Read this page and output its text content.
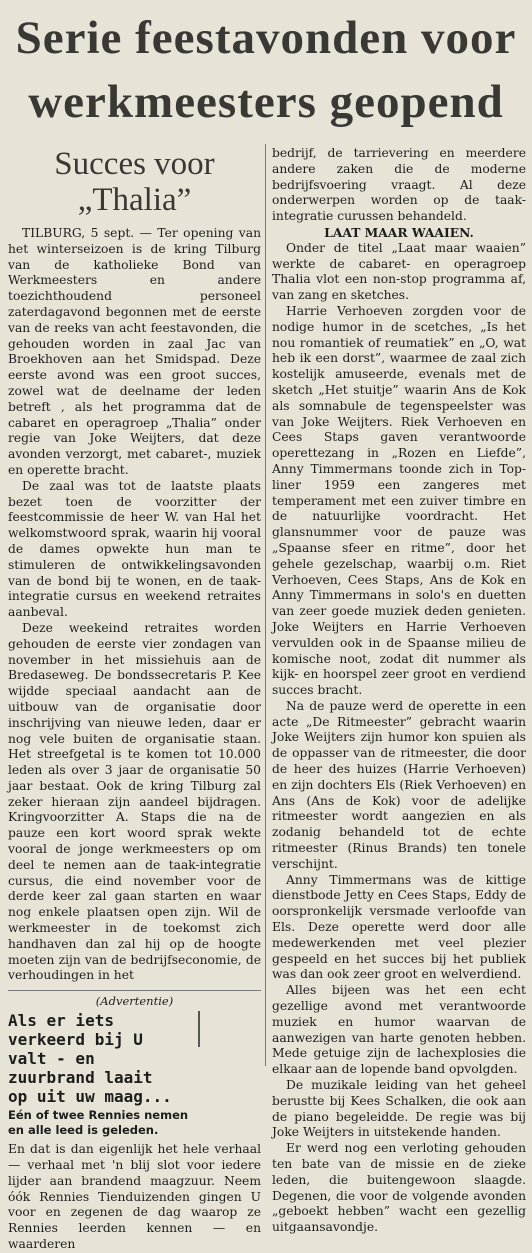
Serie feestavonden voor
werkmeesters geopend
Succes voor
„Thalia”

TILBURG, 5 sept. — Ter opening van het winterseizoen is de kring Tilburg van de katholieke Bond van Werkmeesters en andere toezichthoudend personeel zaterdagavond begonnen met de eerste van de reeks van acht feestavonden, die gehouden worden in zaal Jac van Broekhoven aan het Smidspad. Deze eerste avond was een groot succes, zowel wat de deelname der leden betreft , als het programma dat de cabaret en operagroep „Thalia” onder regie van Joke Weijters, dat deze avonden verzorgt, met cabaret-, muziek en operette bracht.

De zaal was tot de laatste plaats bezet toen de voorzitter der feestcommissie de heer W. van Hal het welkomstwoord sprak, waarin hij vooral de dames opwekte hun man te stimuleren de ontwikkelingsavonden van de bond bij te wonen, en de taak-integratie cursus en weekend retraites aanbeval.

Deze weekeind retraites worden gehouden de eerste vier zondagen van november in het missiehuis aan de Bredaseweg. De bondssecretaris P. Kee wijdde speciaal aandacht aan de uitbouw van de organisatie door inschrijving van nieuwe leden, daar er nog vele buiten de organisatie staan. Het streefgetal is te komen tot 10.000 leden als over 3 jaar de organisatie 50 jaar bestaat. Ook de kring Tilburg zal zeker hieraan zijn aandeel bijdragen. Kringvoorzitter A. Staps die na de pauze een kort woord sprak wekte vooral de jonge werkmeesters op om deel te nemen aan de taak-integratie cursus, die eind november voor de derde keer zal gaan starten en waar nog enkele plaatsen open zijn. Wil de werkmeester in de toekomst zich handhaven dan zal hij op de hoogte moeten zijn van de bedrijfseconomie, de verhoudingen in het

(Advertentie)
Als er iets verkeerd bij U valt - en zuurbrand laait op uit uw maag...
Eén of twee Rennies nemen en alle leed is geleden.

En dat is dan eigenlijk het hele verhaal — verhaal met 'n blij slot voor iedere lijder aan brandend maagzuur. Neem óók Rennies Tienduizenden gingen U voor en zegenen de dag waarop ze Rennies leerden kennen — en waarderen

bedrijf, de tarrievering en meerdere andere zaken die de moderne bedrijfsvoering vraagt. Al deze onderwerpen worden op de taak-integratie curussen behandeld.

LAAT MAAR WAAIEN.

Onder de titel „Laat maar waaien” werkte de cabaret- en operagroep Thalia vlot een non-stop programma af, van zang en sketches.

Harrie Verhoeven zorgden voor de nodige humor in de scetches, „Is het nou romantiek of reumatiek” en „O, wat heb ik een dorst”, waarmee de zaal zich kostelijk amuseerde, evenals met de sketch „Het stuitje” waarin Ans de Kok als somnabule de tegenspeelster was van Joke Weijters. Riek Verhoeven en Cees Staps gaven verantwoorde operettezang in „Rozen en Liefde”, Anny Timmermans toonde zich in Top-liner 1959 een zangeres met temperament met een zuiver timbre en de natuurlijke voordracht. Het glansnummer voor de pauze was „Spaanse sfeer en ritme”, door het gehele gezelschap, waarbij o.m. Riet Verhoeven, Cees Staps, Ans de Kok en Anny Timmermans in solo's en duetten van zeer goede muziek deden genieten. Joke Weijters en Harrie Verhoeven vervulden ook in de Spaanse milieu de komische noot, zodat dit nummer als kijk- en hoorspel zeer groot en verdiend succes bracht.

Na de pauze werd de operette in een acte „De Ritmeester” gebracht waarin Joke Weijters zijn humor kon spuien als de oppasser van de ritmeester, die door de heer des huizes (Harrie Verhoeven) en zijn dochters Els (Riek Verhoeven) en Ans (Ans de Kok) voor de adelijke ritmeester wordt aangezien en als zodanig behandeld tot de echte ritmeester (Rinus Brands) ten tonele verschijnt.

Anny Timmermans was de kittige dienstbode Jetty en Cees Staps, Eddy de oorspronkelijk versmade verloofde van Els. Deze operette werd door alle medewerkenden met veel plezier gespeeld en het succes bij het publiek was dan ook zeer groot en welverdiend.

Alles bijeen was het een echt gezellige avond met verantwoorde muziek en humor waarvan de aanwezigen van harte genoten hebben. Mede getuige zijn de lachexplosies die elkaar aan de lopende band opvolgden.

De muzikale leiding van het geheel berustte bij Kees Schalken, die ook aan de piano begeleidde. De regie was bij Joke Weijters in uitstekende handen.

Er werd nog een verloting gehouden ten bate van de missie en de zieke leden, die buitengewoon slaagde. Degenen, die voor de volgende avonden „geboekt hebben” wacht een gezellig uitgaansavondje.
